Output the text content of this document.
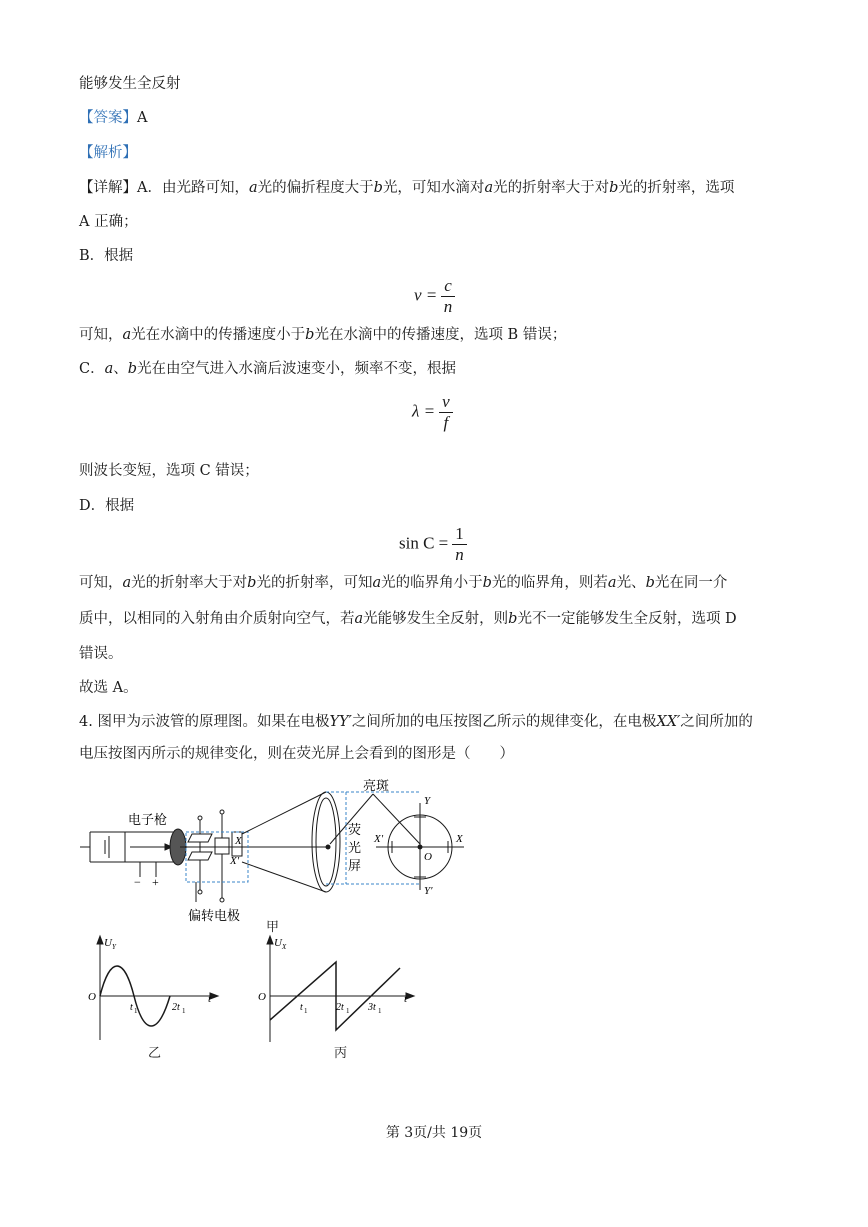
能够发生全反射
【答案】A
【解析】
【详解】A．由光路可知，a光的偏折程度大于b光，可知水滴对a光的折射率大于对b光的折射率，选项
A 正确；
B．根据
$v = \frac{c}{n}$
可知，a光在水滴中的传播速度小于b光在水滴中的传播速度，选项 B 错误；
C．a、b光在由空气进入水滴后波速变小，频率不变，根据
$\lambda = \frac{v}{f}$
则波长变短，选项 C 错误；
D．根据
$\sin C = \frac{1}{n}$
可知，a光的折射率大于对b光的折射率，可知a光的临界角小于b光的临界角，则若a光、b光在同一介
质中，以相同的入射角由介质射向空气，若a光能够发生全反射，则b光不一定能够发生全反射，选项 D
错误。
故选 A。
4. 图甲为示波管的原理图。如果在电极YY′之间所加的电压按图乙所示的规律变化，在电极XX′之间所加的
电压按图丙所示的规律变化，则在荧光屏上会看到的图形是（　　）
电子枪
− +
X
X′
偏转电极
亮斑
荧
光
屏
Y
Y′
X′	X
O
甲
U Y
O
t 1	2t 1
t
乙
U X
O
t 1	2t 1 3t 1
t
丙
第 3页/共 19页
